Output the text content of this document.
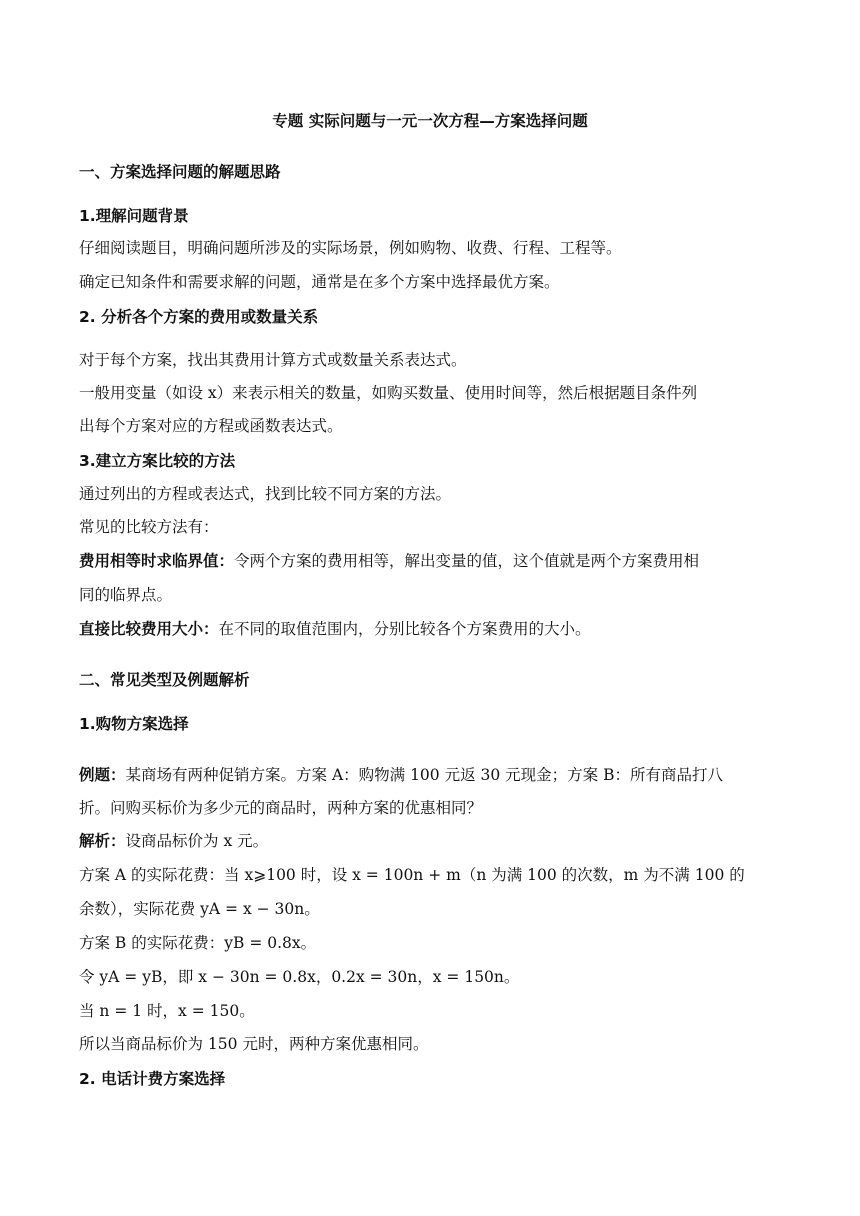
专题 实际问题与一元一次方程—方案选择问题
一、方案选择问题的解题思路
1.理解问题背景
仔细阅读题目，明确问题所涉及的实际场景，例如购物、收费、行程、工程等。
确定已知条件和需要求解的问题，通常是在多个方案中选择最优方案。
2. 分析各个方案的费用或数量关系
对于每个方案，找出其费用计算方式或数量关系表达式。
一般用变量（如设 x）来表示相关的数量，如购买数量、使用时间等，然后根据题目条件列
出每个方案对应的方程或函数表达式。
3.建立方案比较的方法
通过列出的方程或表达式，找到比较不同方案的方法。
常见的比较方法有：
费用相等时求临界值：令两个方案的费用相等，解出变量的值，这个值就是两个方案费用相
同的临界点。
直接比较费用大小：在不同的取值范围内，分别比较各个方案费用的大小。
二、常见类型及例题解析
1.购物方案选择
例题：某商场有两种促销方案。方案 A：购物满 100 元返 30 元现金；方案 B：所有商品打八
折。问购买标价为多少元的商品时，两种方案的优惠相同？
解析：设商品标价为 x 元。
方案 A 的实际花费：当 x⩾100 时，设 x = 100n + m（n 为满 100 的次数，m 为不满 100 的
余数），实际花费 yA = x − 30n。
方案 B 的实际花费：yB = 0.8x。
令 yA = yB，即 x − 30n = 0.8x，0.2x = 30n，x = 150n。
当 n = 1 时，x = 150。
所以当商品标价为 150 元时，两种方案优惠相同。
2. 电话计费方案选择
